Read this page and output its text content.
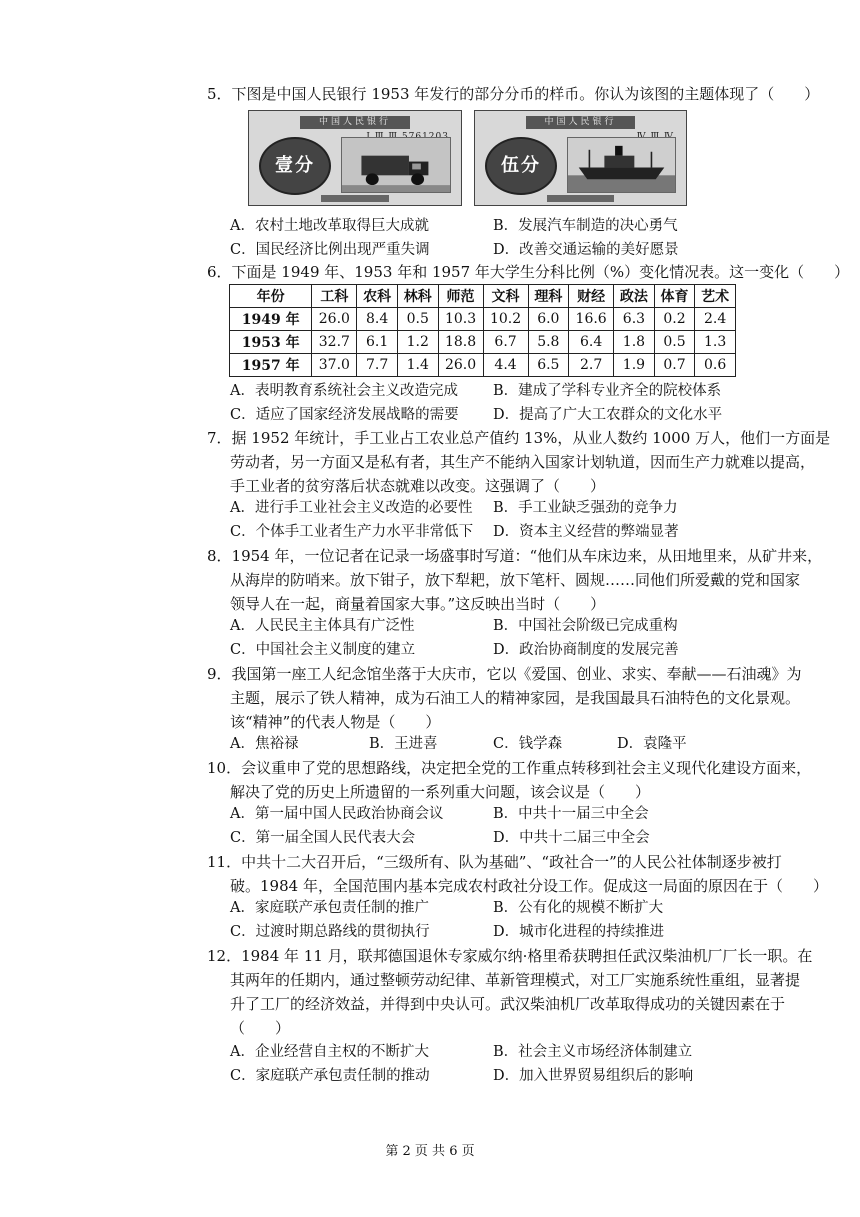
5．下图是中国人民银行 1953 年发行的部分分币的样币。你认为该图的主题体现了（　　）
中国人民银行
壹分
中国人民银行
伍分
A．农村土地改革取得巨大成就	B．发展汽车制造的决心勇气
C．国民经济比例出现严重失调	D．改善交通运输的美好愿景
6．下面是 1949 年、1953 年和 1957 年大学生分科比例（%）变化情况表。这一变化（　　）
年份	工科	农科	林科	师范	文科	理科	财经	政法	体育	艺术
1949 年	26.0	8.4	0.5	10.3	10.2	6.0	16.6	6.3	0.2	2.4
1953 年	32.7	6.1	1.2	18.8	6.7	5.8	6.4	1.8	0.5	1.3
1957 年	37.0	7.7	1.4	26.0	4.4	6.5	2.7	1.9	0.7	0.6
A．表明教育系统社会主义改造完成 B．建成了学科专业齐全的院校体系
C．适应了国家经济发展战略的需要 D．提高了广大工农群众的文化水平
7．据 1952 年统计，手工业占工农业总产值约 13%，从业人数约 1000 万人，他们一方面是
劳动者，另一方面又是私有者，其生产不能纳入国家计划轨道，因而生产力就难以提高，
手工业者的贫穷落后状态就难以改变。这强调了（　　）
A．进行手工业社会主义改造的必要性 B．手工业缺乏强劲的竞争力
C．个体手工业者生产力水平非常低下 D．资本主义经营的弊端显著
8．1954 年，一位记者在记录一场盛事时写道：“他们从车床边来，从田地里来，从矿井来，
从海岸的防哨来。放下钳子，放下犁耙，放下笔杆、圆规……同他们所爱戴的党和国家
领导人在一起，商量着国家大事。”这反映出当时（　　）
A．人民民主主体具有广泛性	B．中国社会阶级已完成重构
C．中国社会主义制度的建立	D．政治协商制度的发展完善
9．我国第一座工人纪念馆坐落于大庆市，它以《爱国、创业、求实、奉献——石油魂》为
主题，展示了铁人精神，成为石油工人的精神家园，是我国最具石油特色的文化景观。
该“精神”的代表人物是（　　）
A．焦裕禄	B．王进喜	C．钱学森	D．袁隆平
10．会议重申了党的思想路线，决定把全党的工作重点转移到社会主义现代化建设方面来，
解决了党的历史上所遗留的一系列重大问题，该会议是（　　）
A．第一届中国人民政治协商会议	B．中共十一届三中全会
C．第一届全国人民代表大会	D．中共十二届三中全会
11．中共十二大召开后，“三级所有、队为基础”、“政社合一”的人民公社体制逐步被打
破。1984 年，全国范围内基本完成农村政社分设工作。促成这一局面的原因在于（　　）
A．家庭联产承包责任制的推广	B．公有化的规模不断扩大
C．过渡时期总路线的贯彻执行	D．城市化进程的持续推进
12．1984 年 11 月，联邦德国退休专家威尔纳·格里希获聘担任武汉柴油机厂厂长一职。在
其两年的任期内，通过整顿劳动纪律、革新管理模式，对工厂实施系统性重组，显著提
升了工厂的经济效益，并得到中央认可。武汉柴油机厂改革取得成功的关键因素在于
（　　）
A．企业经营自主权的不断扩大	B．社会主义市场经济体制建立
C．家庭联产承包责任制的推动	D．加入世界贸易组织后的影响
第 2 页 共 6 页
